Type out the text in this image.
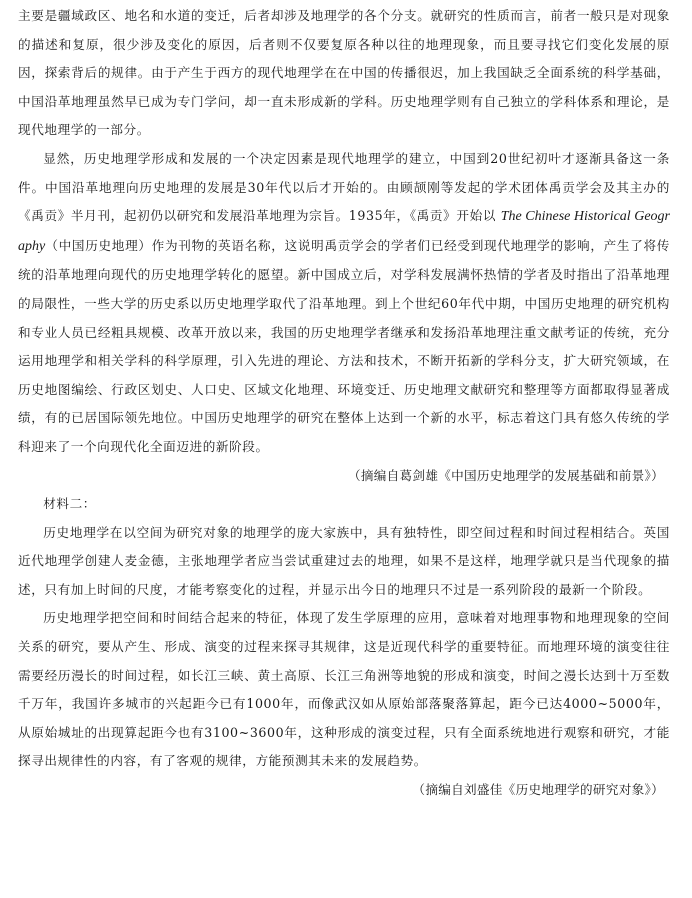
主要是疆域政区、地名和水道的变迁，后者却涉及地理学的各个分支。就研究的性质而言，前者一般只是对现象的描述和复原，很少涉及变化的原因，后者则不仅要复原各种以往的地理现象，而且要寻找它们变化发展的原因，探索背后的规律。由于产生于西方的现代地理学在在中国的传播很迟，加上我国缺乏全面系统的科学基础，中国沿革地理虽然早已成为专门学问，却一直未形成新的学科。历史地理学则有自己独立的学科体系和理论，是现代地理学的一部分。

显然，历史地理学形成和发展的一个决定因素是现代地理学的建立，中国到20世纪初叶才逐渐具备这一条件。中国沿革地理向历史地理的发展是30年代以后才开始的。由顾颉刚等发起的学术团体禹贡学会及其主办的《禹贡》半月刊，起初仍以研究和发展沿革地理为宗旨。1935年，《禹贡》开始以 The Chinese Historical Geography（中国历史地理）作为刊物的英语名称，这说明禹贡学会的学者们已经受到现代地理学的影响，产生了将传统的沿革地理向现代的历史地理学转化的愿望。新中国成立后，对学科发展满怀热情的学者及时指出了沿革地理的局限性，一些大学的历史系以历史地理学取代了沿革地理。到上个世纪60年代中期，中国历史地理的研究机构和专业人员已经粗具规模、改革开放以来，我国的历史地理学者继承和发扬沿革地理注重文献考证的传统，充分运用地理学和相关学科的科学原理，引入先进的理论、方法和技术，不断开拓新的学科分支，扩大研究领域，在历史地图编绘、行政区划史、人口史、区域文化地理、环境变迁、历史地理文献研究和整理等方面都取得显著成绩，有的已居国际领先地位。中国历史地理学的研究在整体上达到一个新的水平，标志着这门具有悠久传统的学科迎来了一个向现代化全面迈进的新阶段。

（摘编自葛剑雄《中国历史地理学的发展基础和前景》）

材料二：

历史地理学在以空间为研究对象的地理学的庞大家族中，具有独特性，即空间过程和时间过程相结合。英国近代地理学创建人麦金德，主张地理学者应当尝试重建过去的地理，如果不是这样，地理学就只是当代现象的描述，只有加上时间的尺度，才能考察变化的过程，并显示出今日的地理只不过是一系列阶段的最新一个阶段。

历史地理学把空间和时间结合起来的特征，体现了发生学原理的应用，意味着对地理事物和地理现象的空间关系的研究，要从产生、形成、演变的过程来探寻其规律，这是近现代科学的重要特征。而地理环境的演变往往需要经历漫长的时间过程，如长江三峡、黄土高原、长江三角洲等地貌的形成和演变，时间之漫长达到十万至数千万年，我国许多城市的兴起距今已有1000年，而像武汉如从原始部落聚落算起，距今已达4000~5000年，从原始城址的出现算起距今也有3100~3600年，这种形成的演变过程，只有全面系统地进行观察和研究，才能探寻出规律性的内容，有了客观的规律，方能预测其未来的发展趋势。

（摘编自刘盛佳《历史地理学的研究对象》）
